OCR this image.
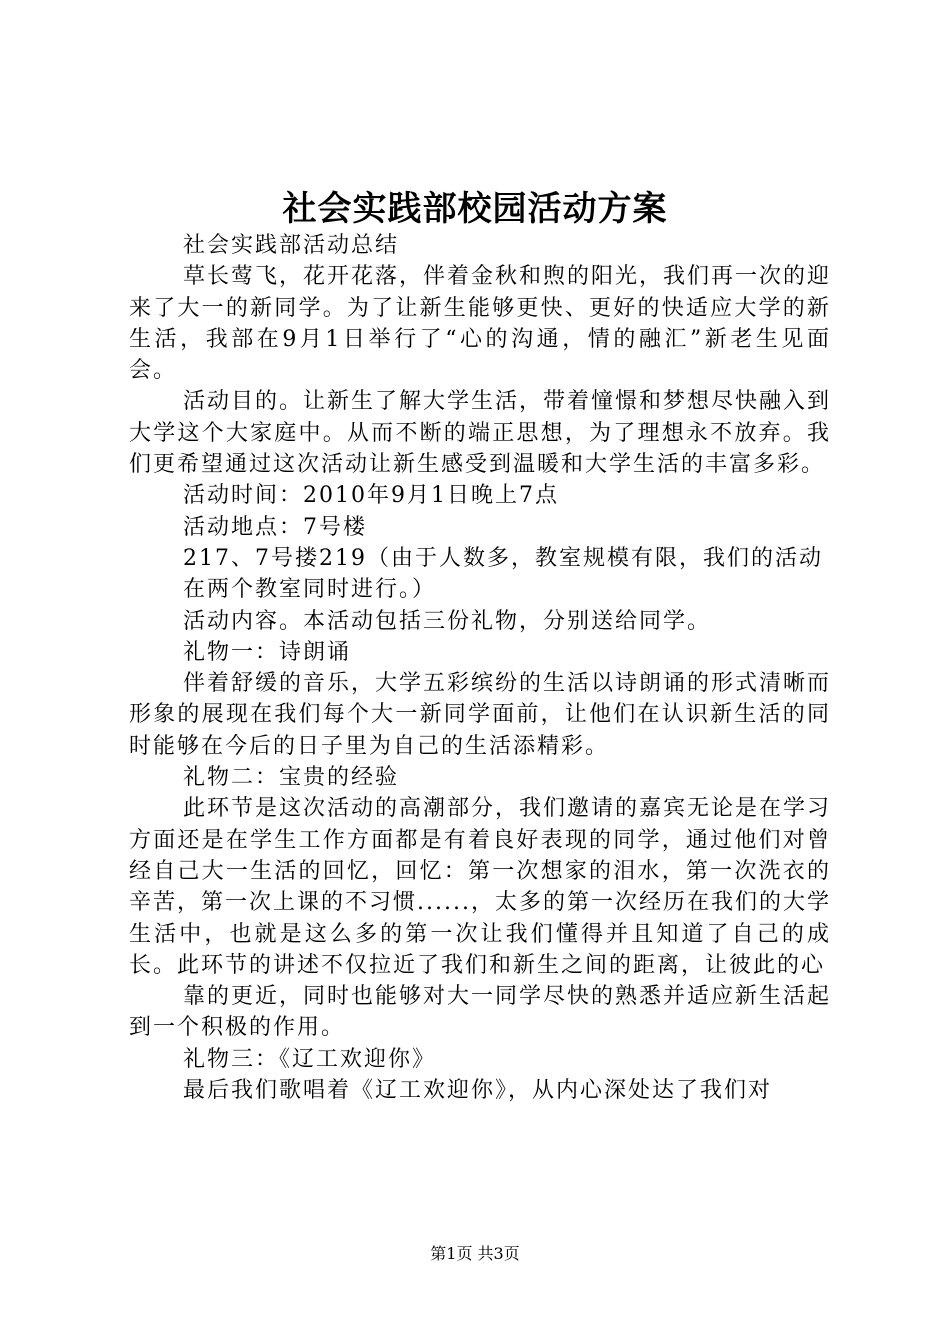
社会实践部校园活动方案

社会实践部活动总结

草长莺飞，花开花落，伴着金秋和煦的阳光，我们再一次的迎来了大一的新同学。为了让新生能够更快、更好的快适应大学的新生活，我部在9月1日举行了“心的沟通，情的融汇”新老生见面会。

活动目的。让新生了解大学生活，带着憧憬和梦想尽快融入到大学这个大家庭中。从而不断的端正思想，为了理想永不放弃。我们更希望通过这次活动让新生感受到温暖和大学生活的丰富多彩。

活动时间：2010年9月1日晚上7点

活动地点：7号楼

217、7号搂219（由于人数多，教室规模有限，我们的活动

在两个教室同时进行。）

活动内容。本活动包括三份礼物，分别送给同学。

礼物一：诗朗诵

伴着舒缓的音乐，大学五彩缤纷的生活以诗朗诵的形式清晰而形象的展现在我们每个大一新同学面前，让他们在认识新生活的同时能够在今后的日子里为自己的生活添精彩。

礼物二：宝贵的经验

此环节是这次活动的高潮部分，我们邀请的嘉宾无论是在学习方面还是在学生工作方面都是有着良好表现的同学，通过他们对曾经自己大一生活的回忆，回忆：第一次想家的泪水，第一次洗衣的辛苦，第一次上课的不习惯......，太多的第一次经历在我们的大学生活中，也就是这么多的第一次让我们懂得并且知道了自己的成长。此环节的讲述不仅拉近了我们和新生之间的距离，让彼此的心

靠的更近，同时也能够对大一同学尽快的熟悉并适应新生活起到一个积极的作用。

礼物三：《辽工欢迎你》

最后我们歌唱着《辽工欢迎你》，从内心深处达了我们对

第1页 共3页
